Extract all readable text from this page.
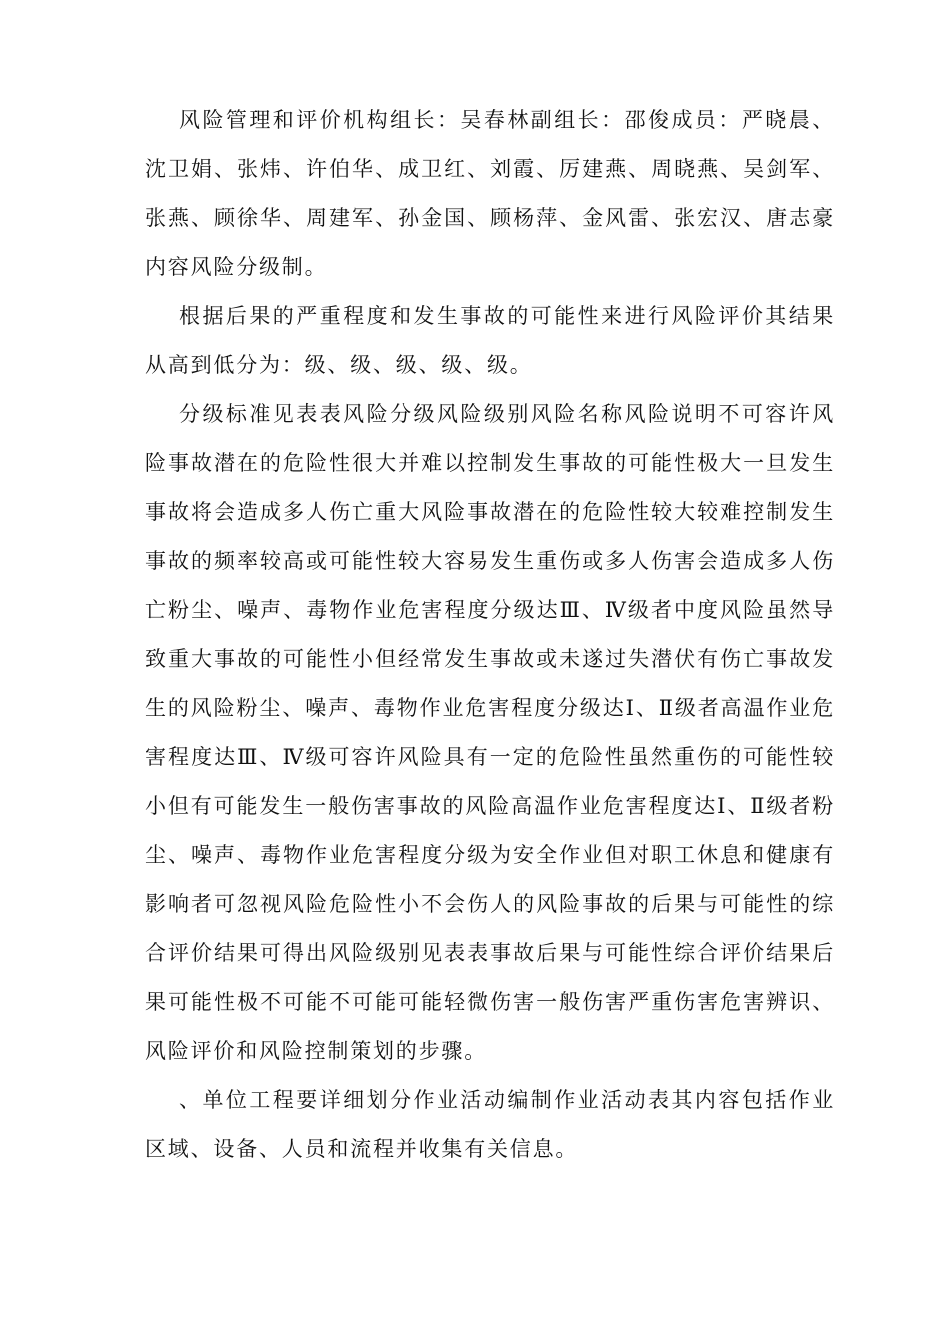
风险管理和评价机构组长：吴春林副组长：邵俊成员：严晓晨、沈卫娟、张炜、许伯华、成卫红、刘霞、厉建燕、周晓燕、吴剑军、张燕、顾徐华、周建军、孙金国、顾杨萍、金风雷、张宏汉、唐志豪内容风险分级制。

根据后果的严重程度和发生事故的可能性来进行风险评价其结果从高到低分为：级、级、级、级、级。

分级标准见表表风险分级风险级别风险名称风险说明不可容许风险事故潜在的危险性很大并难以控制发生事故的可能性极大一旦发生事故将会造成多人伤亡重大风险事故潜在的危险性较大较难控制发生事故的频率较高或可能性较大容易发生重伤或多人伤害会造成多人伤亡粉尘、噪声、毒物作业危害程度分级达Ⅲ、Ⅳ级者中度风险虽然导致重大事故的可能性小但经常发生事故或未遂过失潜伏有伤亡事故发生的风险粉尘、噪声、毒物作业危害程度分级达Ⅰ、Ⅱ级者高温作业危害程度达Ⅲ、Ⅳ级可容许风险具有一定的危险性虽然重伤的可能性较小但有可能发生一般伤害事故的风险高温作业危害程度达Ⅰ、Ⅱ级者粉尘、噪声、毒物作业危害程度分级为安全作业但对职工休息和健康有影响者可忽视风险危险性小不会伤人的风险事故的后果与可能性的综合评价结果可得出风险级别见表表事故后果与可能性综合评价结果后果可能性极不可能不可能可能轻微伤害一般伤害严重伤害危害辨识、风险评价和风险控制策划的步骤。

、单位工程要详细划分作业活动编制作业活动表其内容包括作业区域、设备、人员和流程并收集有关信息。
